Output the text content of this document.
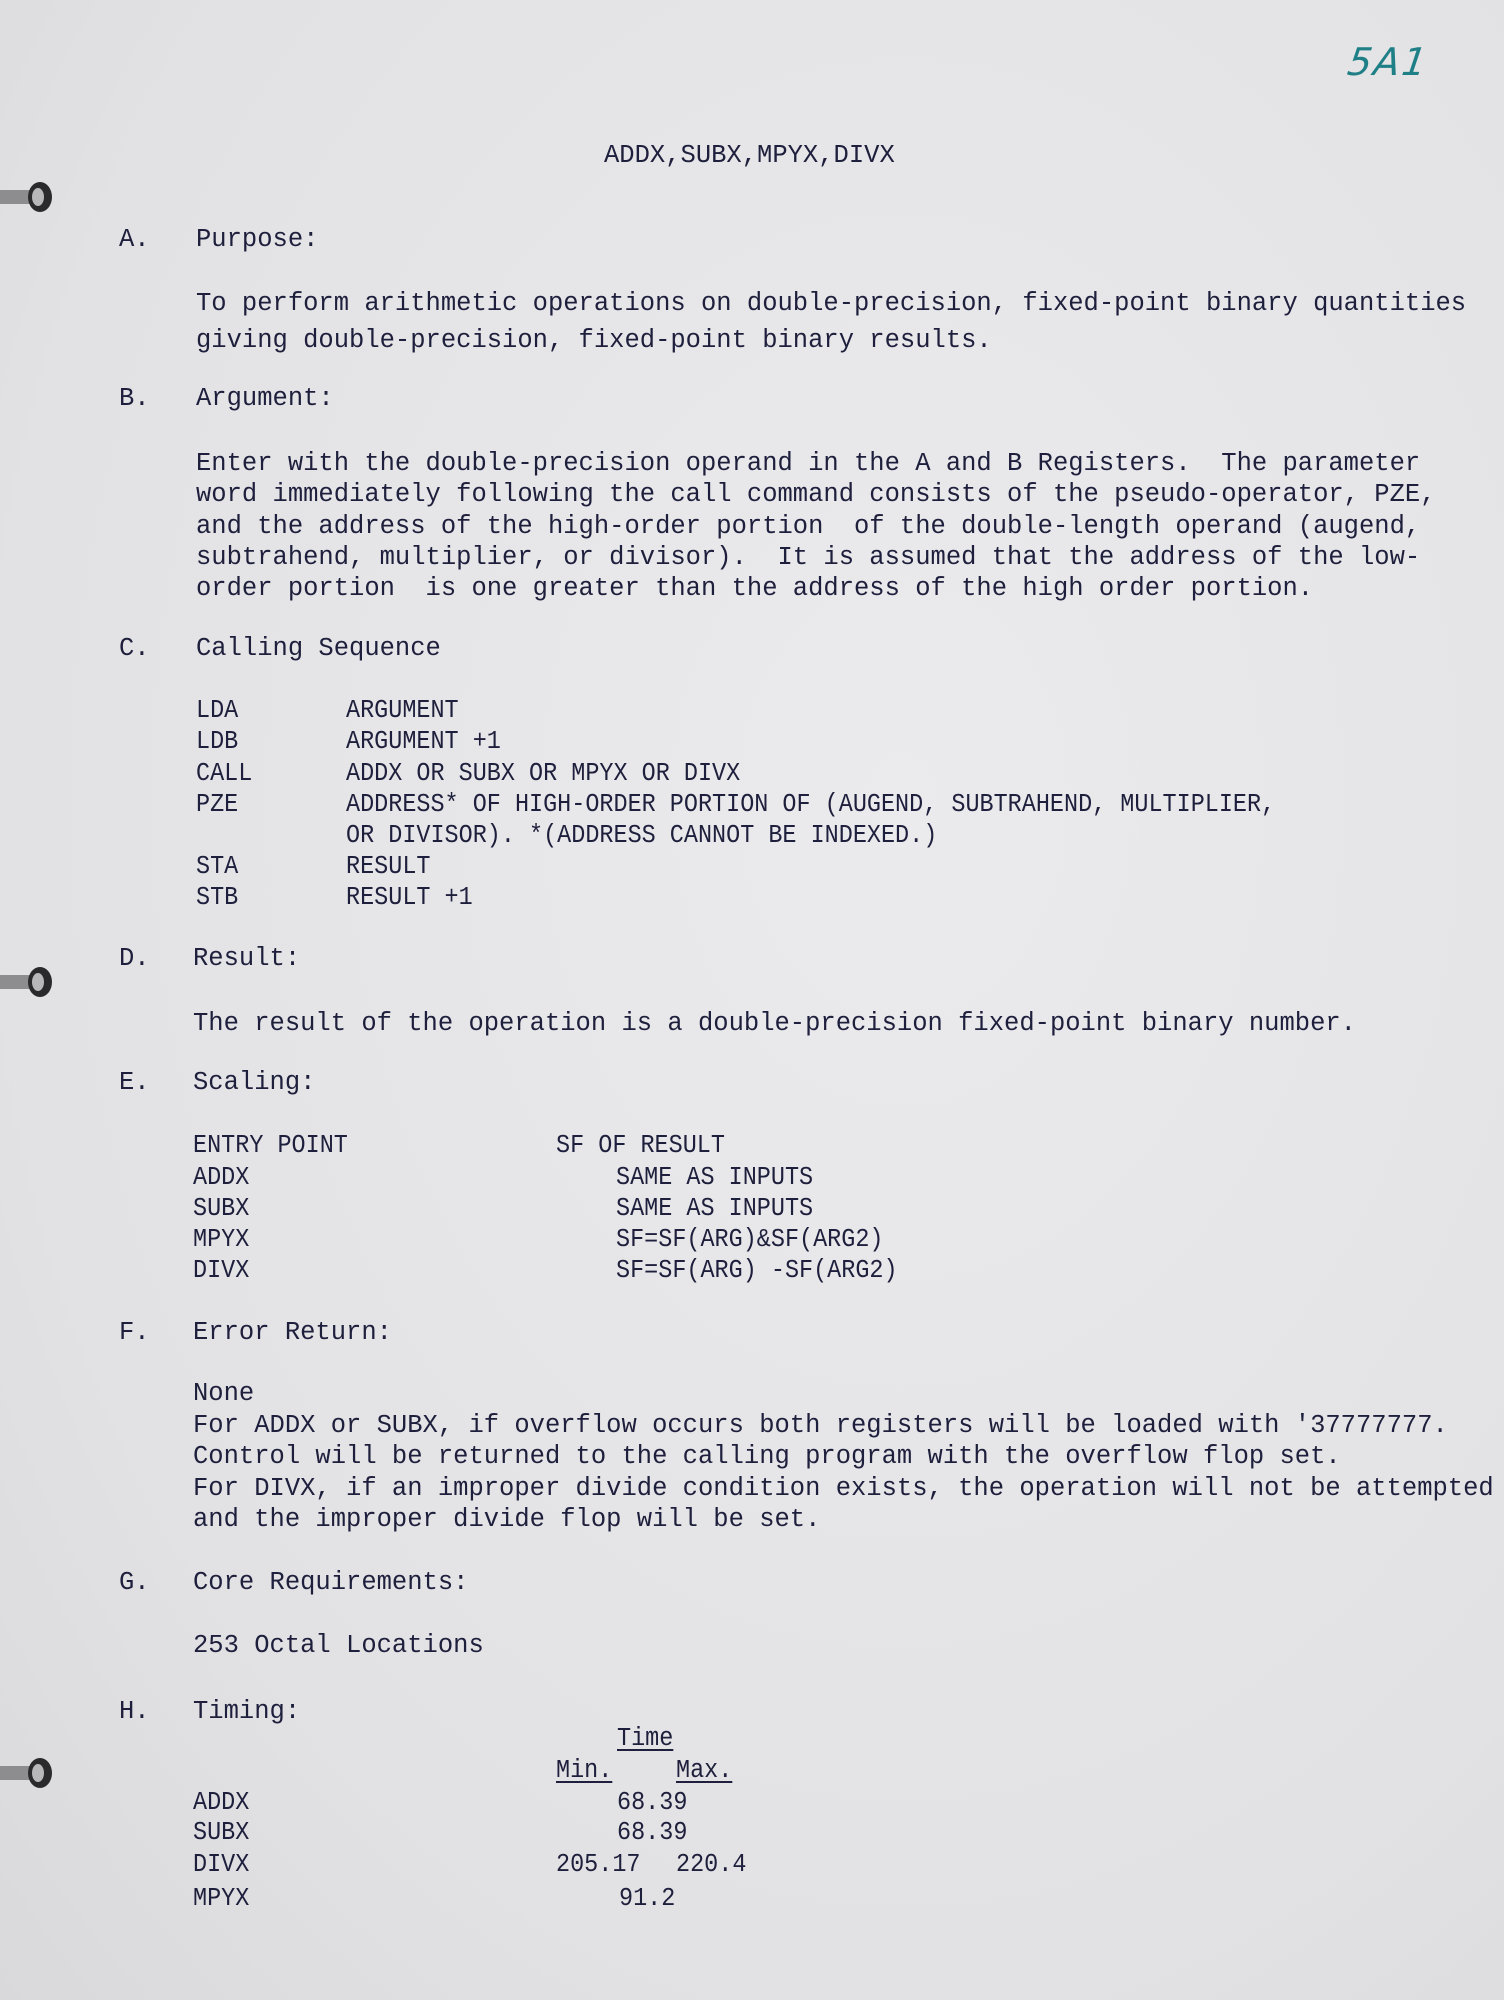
5A1
ADDX,SUBX,MPYX,DIVX
A. Purpose:
To perform arithmetic operations on double-precision, fixed-point binary quantities
giving double-precision, fixed-point binary results.
B. Argument:
Enter with the double-precision operand in the A and B Registers.  The parameter
word immediately following the call command consists of the pseudo-operator, PZE,
and the address of the high-order portion  of the double-length operand (augend,
subtrahend, multiplier, or divisor).  It is assumed that the address of the low-
order portion  is one greater than the address of the high order portion.
C. Calling Sequence
LDA	ARGUMENT
LDB	ARGUMENT +1
CALL	ADDX OR SUBX OR MPYX OR DIVX
PZE	ADDRESS* OF HIGH-ORDER PORTION OF (AUGEND, SUBTRAHEND, MULTIPLIER,
OR DIVISOR). *(ADDRESS CANNOT BE INDEXED.)
STA	RESULT
STB	RESULT +1
D. Result:
The result of the operation is a double-precision fixed-point binary number.
E. Scaling:
ENTRY POINT	SF OF RESULT
ADDX	SAME AS INPUTS
SUBX	SAME AS INPUTS
MPYX	SF=SF(ARG)&SF(ARG2)
DIVX	SF=SF(ARG) -SF(ARG2)
F. Error Return:
None
For ADDX or SUBX, if overflow occurs both registers will be loaded with '37777777.
Control will be returned to the calling program with the overflow flop set.
For DIVX, if an improper divide condition exists, the operation will not be attempted
and the improper divide flop will be set.
G. Core Requirements:
253 Octal Locations
H. Timing:
Time
Min. Max.
ADDX	68.39
SUBX	68.39
DIVX	205.17 220.4
MPYX	91.2
